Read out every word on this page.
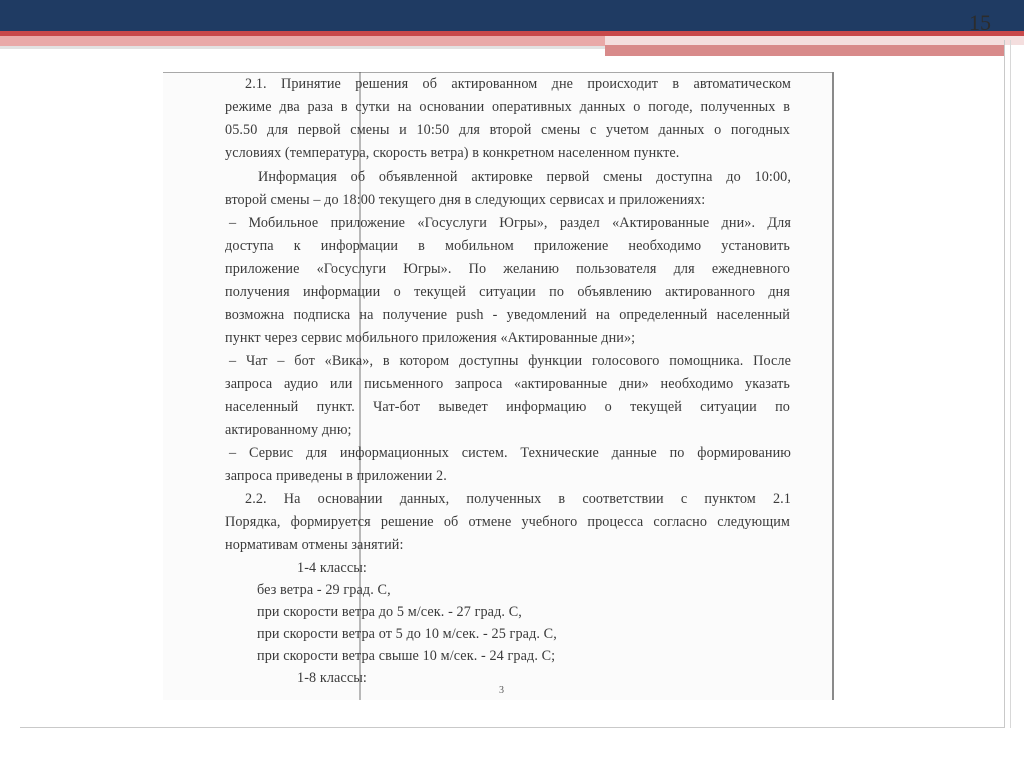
15
2.1. Принятие решения об актированном дне происходит в автоматическом
режиме два раза в сутки на основании оперативных данных о погоде, полученных в
05.50 для первой смены и 10:50 для второй смены с учетом данных о погодных
условиях (температура, скорость ветра) в конкретном населенном пункте.
Информация об объявленной актировке первой смены доступна до 10:00,
второй смены – до 18:00 текущего дня в следующих сервисах и приложениях:
– Мобильное приложение «Госуслуги Югры», раздел «Актированные дни». Для
доступа к информации в мобильном приложение необходимо установить
приложение «Госуслуги Югры». По желанию пользователя для ежедневного
получения информации о текущей ситуации по объявлению актированного дня
возможна подписка на получение push - уведомлений на определенный населенный
пункт через сервис мобильного приложения «Актированные дни»;
– Чат – бот «Вика», в котором доступны функции голосового помощника. После
запроса аудио или письменного запроса «актированные дни» необходимо указать
населенный пункт. Чат-бот выведет информацию о текущей ситуации по
актированному дню;
– Сервис для информационных систем. Технические данные по формированию
запроса приведены в приложении 2.
2.2. На основании данных, полученных в соответствии с пунктом 2.1
Порядка, формируется решение об отмене учебного процесса согласно следующим
нормативам отмены занятий:
1-4 классы:
без ветра - 29 град. С,
при скорости ветра до 5 м/сек. - 27 град. С,
при скорости ветра от 5 до 10 м/сек. - 25 град. С,
при скорости ветра свыше 10 м/сек. - 24 град. С;
1-8 классы:
3
